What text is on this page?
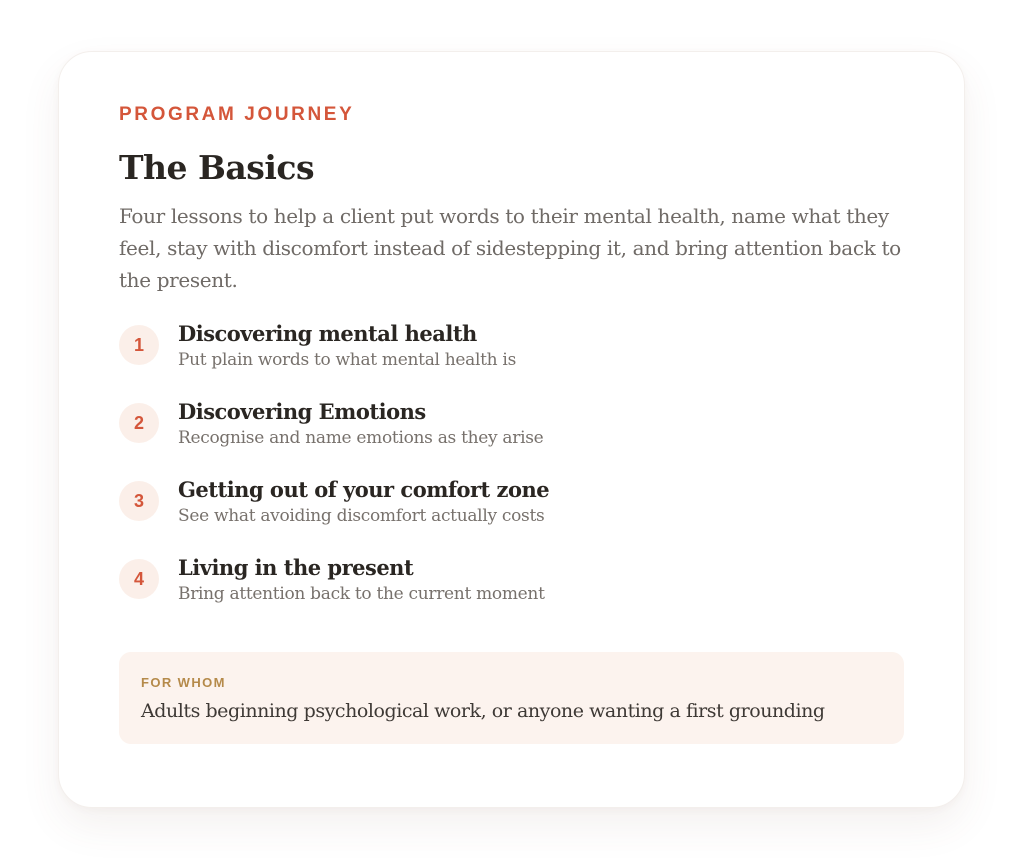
PROGRAM JOURNEY
The Basics

Four lessons to help a client put words to their mental health, name what they feel, stay with discomfort instead of sidestepping it, and bring attention back to the present.

1	Discovering mental health
Put plain words to what mental health is
2	Discovering Emotions
Recognise and name emotions as they arise
3	Getting out of your comfort zone
See what avoiding discomfort actually costs
4	Living in the present
Bring attention back to the current moment
FOR WHOM
Adults beginning psychological work, or anyone wanting a first grounding
